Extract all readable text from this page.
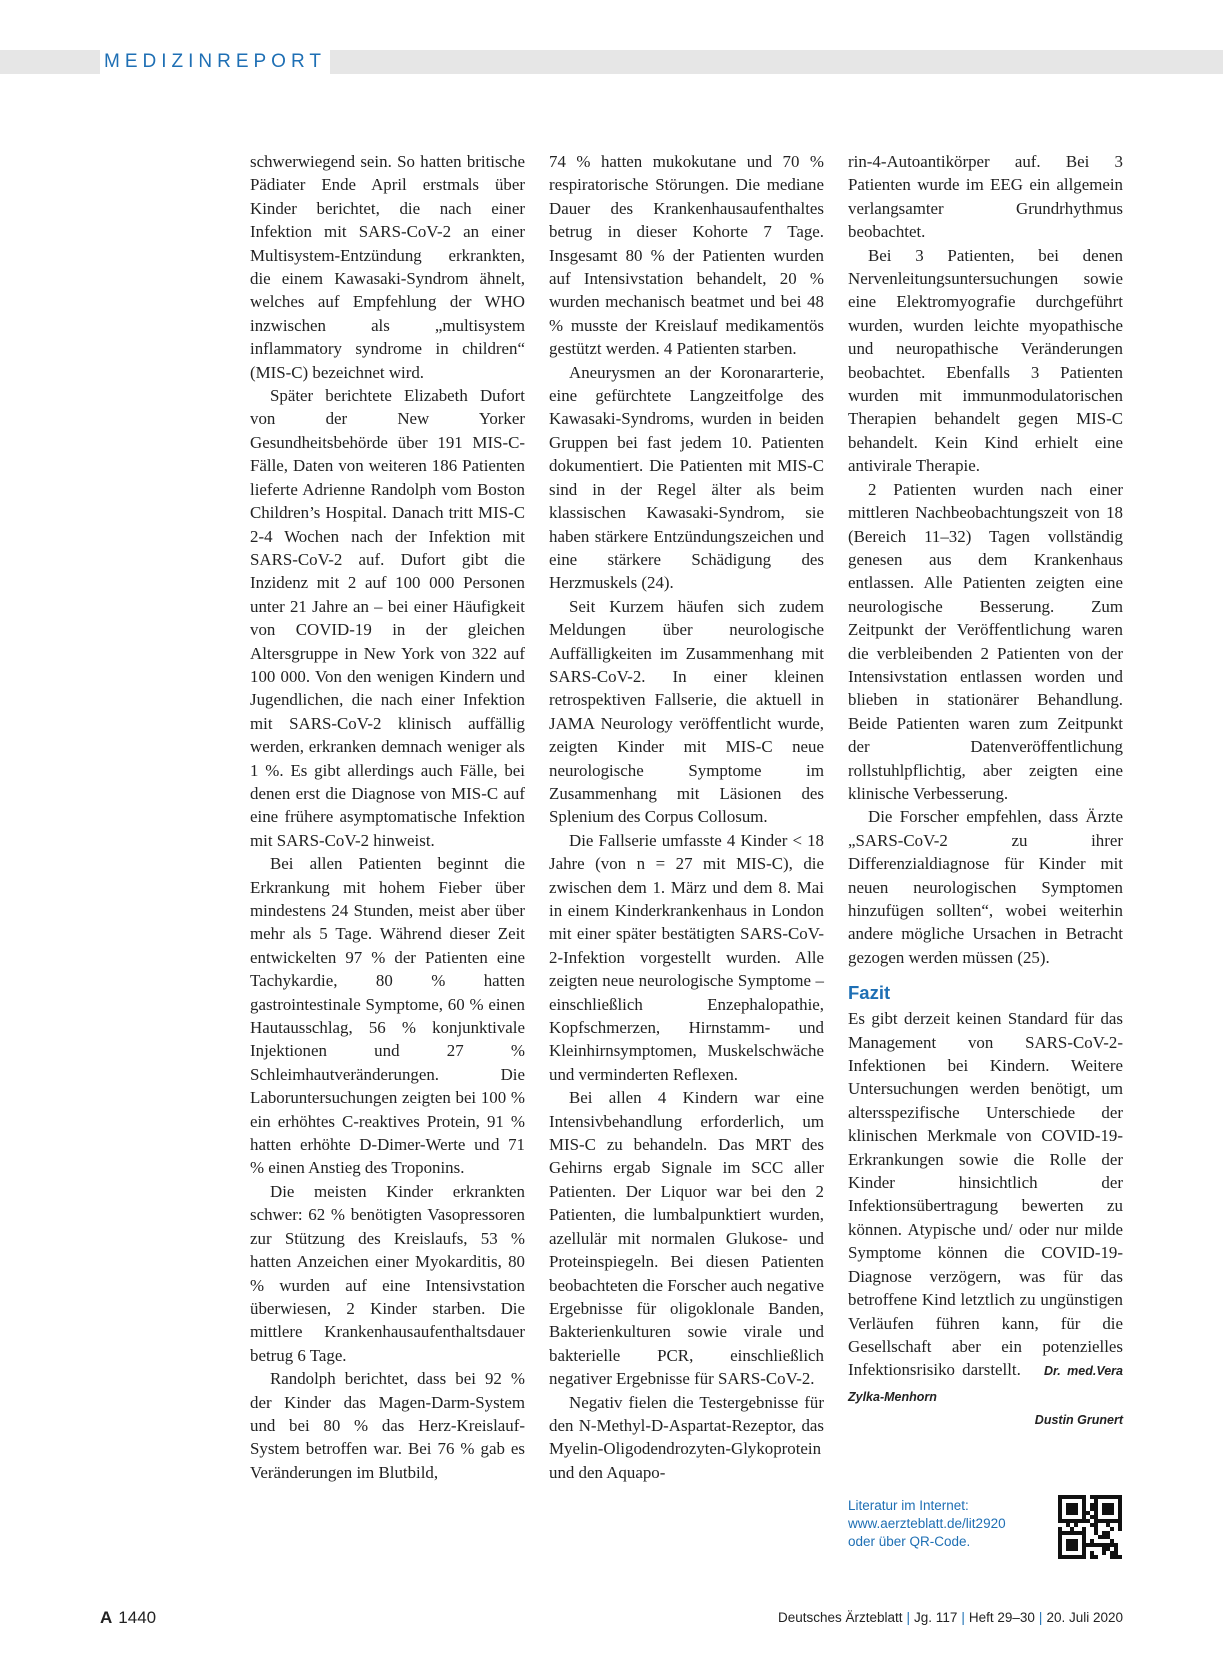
MEDIZINREPORT

schwerwiegend sein. So hatten britische Pädiater Ende April erstmals über Kinder berichtet, die nach einer Infektion mit SARS-CoV-2 an einer Multisystem-Entzündung erkrankten, die einem Kawasaki-Syndrom ähnelt, welches auf Empfehlung der WHO inzwischen als „multisystem inflammatory syndrome in children“ (MIS-C) bezeichnet wird.

Später berichtete Elizabeth Dufort von der New Yorker Gesundheitsbehörde über 191 MIS-C-Fälle, Daten von weiteren 186 Patienten lieferte Adrienne Randolph vom Boston Children’s Hospital. Danach tritt MIS-C 2-4 Wochen nach der Infektion mit SARS-CoV-2 auf. Dufort gibt die Inzidenz mit 2 auf 100 000 Personen unter 21 Jahre an – bei einer Häufigkeit von COVID-19 in der gleichen Altersgruppe in New York von 322 auf 100 000. Von den wenigen Kindern und Jugendlichen, die nach einer Infektion mit SARS-CoV-2 klinisch auffällig werden, erkranken demnach weniger als 1 %. Es gibt allerdings auch Fälle, bei denen erst die Diagnose von MIS-C auf eine frühere asymptomatische Infektion mit SARS-CoV-2 hinweist.

Bei allen Patienten beginnt die Erkrankung mit hohem Fieber über mindestens 24 Stunden, meist aber über mehr als 5 Tage. Während dieser Zeit entwickelten 97 % der Patienten eine Tachykardie, 80 % hatten gastrointestinale Symptome, 60 % einen Hautausschlag, 56 % konjunktivale Injektionen und 27 % Schleimhautveränderungen. Die Laboruntersuchungen zeigten bei 100 % ein erhöhtes C-reaktives Protein, 91 % hatten erhöhte D-Dimer-Werte und 71 % einen Anstieg des Troponins.

Die meisten Kinder erkrankten schwer: 62 % benötigten Vasopressoren zur Stützung des Kreislaufs, 53 % hatten Anzeichen einer Myokarditis, 80 % wurden auf eine Intensivstation überwiesen, 2 Kinder starben. Die mittlere Krankenhausaufenthaltsdauer betrug 6 Tage.

Randolph berichtet, dass bei 92 % der Kinder das Magen-Darm-System und bei 80 % das Herz-Kreislauf-System betroffen war. Bei 76 % gab es Veränderungen im Blutbild,

74 % hatten mukokutane und 70 % respiratorische Störungen. Die mediane Dauer des Krankenhausaufenthaltes betrug in dieser Kohorte 7 Tage. Insgesamt 80 % der Patienten wurden auf Intensivstation behandelt, 20 % wurden mechanisch beatmet und bei 48 % musste der Kreislauf medikamentös gestützt werden. 4 Patienten starben.

Aneurysmen an der Koronararterie, eine gefürchtete Langzeitfolge des Kawasaki-Syndroms, wurden in beiden Gruppen bei fast jedem 10. Patienten dokumentiert. Die Patienten mit MIS-C sind in der Regel älter als beim klassischen Kawasaki-Syndrom, sie haben stärkere Entzündungszeichen und eine stärkere Schädigung des Herzmuskels (24).

Seit Kurzem häufen sich zudem Meldungen über neurologische Auffälligkeiten im Zusammenhang mit SARS-CoV-2. In einer kleinen retrospektiven Fallserie, die aktuell in JAMA Neurology veröffentlicht wurde, zeigten Kinder mit MIS-C neue neurologische Symptome im Zusammenhang mit Läsionen des Splenium des Corpus Collosum.

Die Fallserie umfasste 4 Kinder < 18 Jahre (von n = 27 mit MIS-C), die zwischen dem 1. März und dem 8. Mai in einem Kinderkrankenhaus in London mit einer später bestätigten SARS-CoV-2-Infektion vorgestellt wurden. Alle zeigten neue neurologische Symptome – einschließlich Enzephalopathie, Kopfschmerzen, Hirnstamm- und Kleinhirnsymptomen, Muskelschwäche und verminderten Reflexen.

Bei allen 4 Kindern war eine Intensivbehandlung erforderlich, um MIS-C zu behandeln. Das MRT des Gehirns ergab Signale im SCC aller Patienten. Der Liquor war bei den 2 Patienten, die lumbalpunktiert wurden, azellulär mit normalen Glukose- und Proteinspiegeln. Bei diesen Patienten beobachteten die Forscher auch negative Ergebnisse für oligoklonale Banden, Bakterienkulturen sowie virale und bakterielle PCR, einschließlich negativer Ergebnisse für SARS-CoV-2.

Negativ fielen die Testergebnisse für den N-Methyl-D-Aspartat-Rezeptor, das Myelin-Oligodendrozyten-Glykoprotein und den Aquapo-

rin-4-Autoantikörper auf. Bei 3 Patienten wurde im EEG ein allgemein verlangsamter Grundrhythmus beobachtet.

Bei 3 Patienten, bei denen Nervenleitungsuntersuchungen sowie eine Elektromyografie durchgeführt wurden, wurden leichte myopathische und neuropathische Veränderungen beobachtet. Ebenfalls 3 Patienten wurden mit immunmodulatorischen Therapien behandelt gegen MIS-C behandelt. Kein Kind erhielt eine antivirale Therapie.

2 Patienten wurden nach einer mittleren Nachbeobachtungszeit von 18 (Bereich 11–32) Tagen vollständig genesen aus dem Krankenhaus entlassen. Alle Patienten zeigten eine neurologische Besserung. Zum Zeitpunkt der Veröffentlichung waren die verbleibenden 2 Patienten von der Intensivstation entlassen worden und blieben in stationärer Behandlung. Beide Patienten waren zum Zeitpunkt der Datenveröffentlichung rollstuhlpflichtig, aber zeigten eine klinische Verbesserung.

Die Forscher empfehlen, dass Ärzte „SARS-CoV-2 zu ihrer Differenzialdiagnose für Kinder mit neuen neurologischen Symptomen hinzufügen sollten“, wobei weiterhin andere mögliche Ursachen in Betracht gezogen werden müssen (25).

Fazit

Es gibt derzeit keinen Standard für das Management von SARS-CoV-2-Infektionen bei Kindern. Weitere Untersuchungen werden benötigt, um altersspezifische Unterschiede der klinischen Merkmale von COVID-19-Erkrankungen sowie die Rolle der Kinder hinsichtlich der Infektionsübertragung bewerten zu können. Atypische und/ oder nur milde Symptome können die COVID-19-Diagnose verzögern, was für das betroffene Kind letztlich zu ungünstigen Verläufen führen kann, für die Gesellschaft aber ein potenzielles Infektionsrisiko darstellt. Dr. med.Vera Zylka-Menhorn
Dustin Grunert

Literatur im Internet:
www.aerzteblatt.de/lit2920
oder über QR-Code.
A 1440	Deutsches Ärzteblatt | Jg. 117 | Heft 29–30 | 20. Juli 2020
